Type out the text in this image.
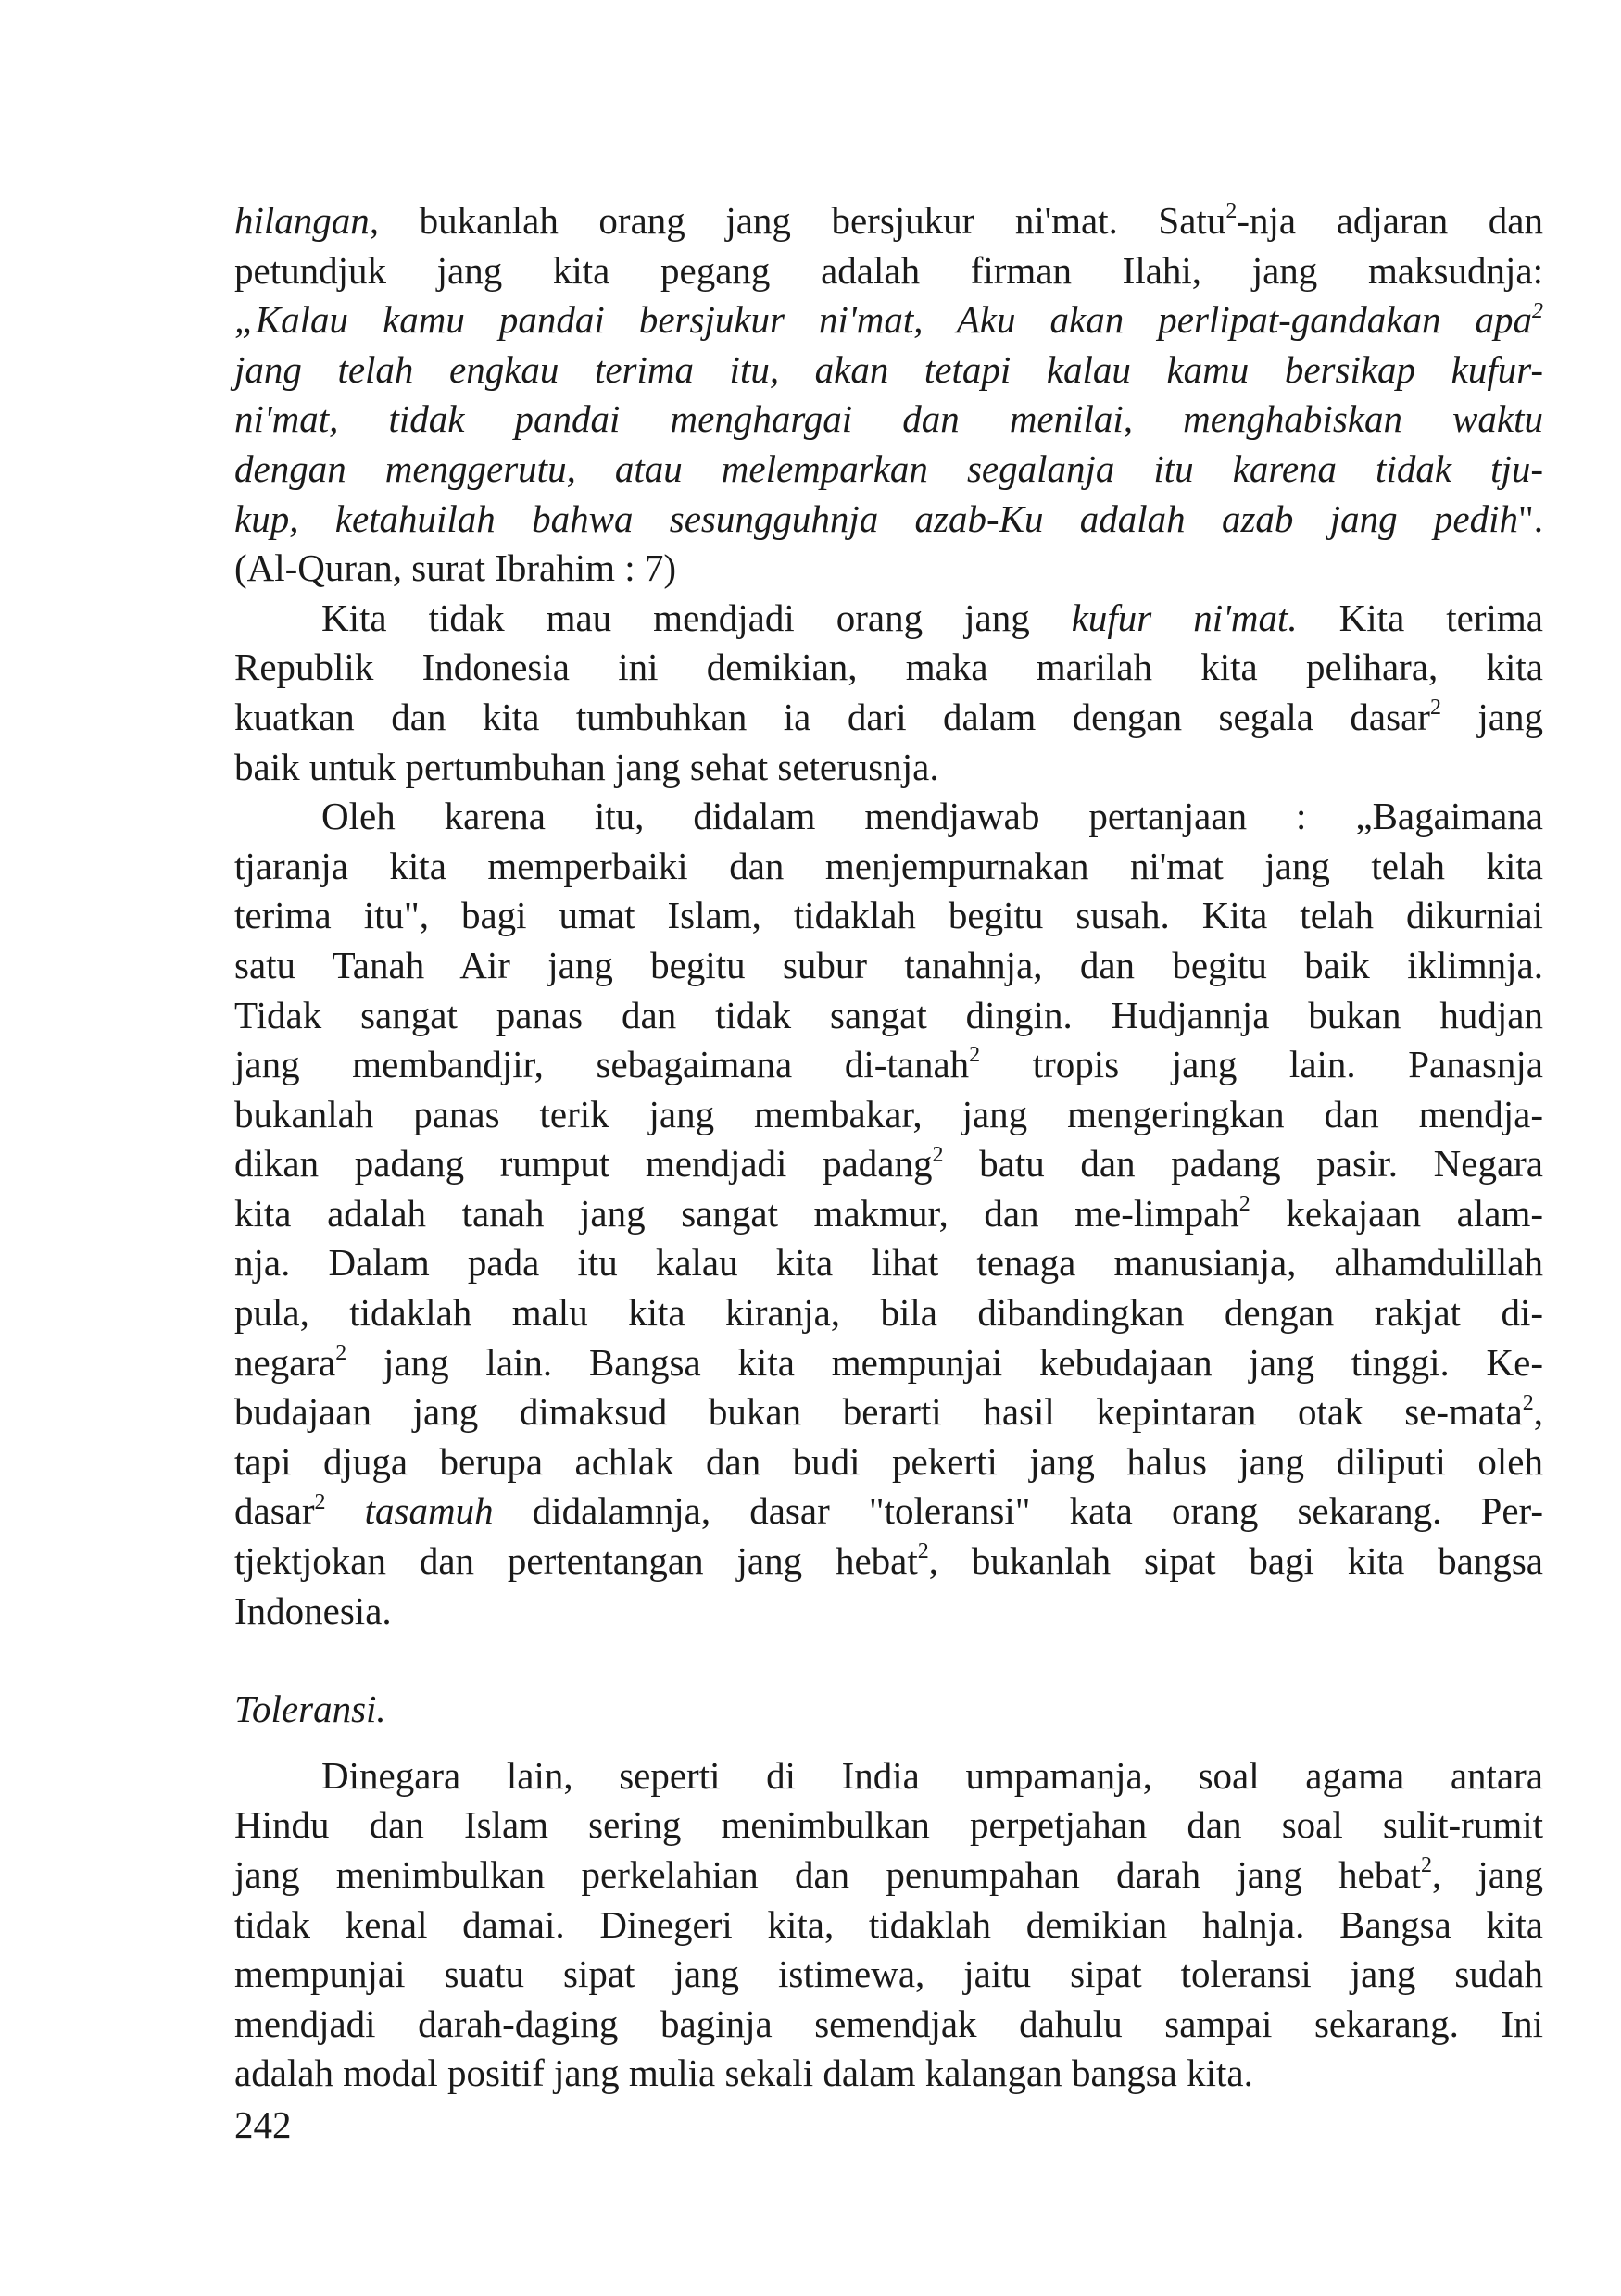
hilangan, bukanlah orang jang bersjukur ni'mat. Satu$^2$-nja adjaran dan
petundjuk jang kita pegang adalah firman Ilahi, jang maksudnja:
„Kalau kamu pandai bersjukur ni'mat, Aku akan perlipat-gandakan apa$^2$
jang telah engkau terima itu, akan tetapi kalau kamu bersikap kufur-
ni'mat, tidak pandai menghargai dan menilai, menghabiskan waktu
dengan menggerutu, atau melemparkan segalanja itu karena tidak tju-
kup, ketahuilah bahwa sesungguhnja azab-Ku adalah azab jang pedih".
(Al-Quran, surat Ibrahim : 7)
Kita tidak mau mendjadi orang jang kufur ni'mat. Kita terima
Republik Indonesia ini demikian, maka marilah kita pelihara, kita
kuatkan dan kita tumbuhkan ia dari dalam dengan segala dasar$^2$ jang
baik untuk pertumbuhan jang sehat seterusnja.
Oleh karena itu, didalam mendjawab pertanjaan : „Bagaimana
tjaranja kita memperbaiki dan menjempurnakan ni'mat jang telah kita
terima itu", bagi umat Islam, tidaklah begitu susah. Kita telah dikurniai
satu Tanah Air jang begitu subur tanahnja, dan begitu baik iklimnja.
Tidak sangat panas dan tidak sangat dingin. Hudjannja bukan hudjan
jang membandjir, sebagaimana di-tanah$^2$ tropis jang lain. Panasnja
bukanlah panas terik jang membakar, jang mengeringkan dan mendja-
dikan padang rumput mendjadi padang$^2$ batu dan padang pasir. Negara
kita adalah tanah jang sangat makmur, dan me-limpah$^2$ kekajaan alam-
nja. Dalam pada itu kalau kita lihat tenaga manusianja, alhamdulillah
pula, tidaklah malu kita kiranja, bila dibandingkan dengan rakjat di-
negara$^2$ jang lain. Bangsa kita mempunjai kebudajaan jang tinggi. Ke-
budajaan jang dimaksud bukan berarti hasil kepintaran otak se-mata$^2$,
tapi djuga berupa achlak dan budi pekerti jang halus jang diliputi oleh
dasar$^2$ tasamuh didalamnja, dasar "toleransi" kata orang sekarang. Per-
tjektjokan dan pertentangan jang hebat$^2$, bukanlah sipat bagi kita bangsa
Indonesia.
Toleransi.
Dinegara lain, seperti di India umpamanja, soal agama antara
Hindu dan Islam sering menimbulkan perpetjahan dan soal sulit-rumit
jang menimbulkan perkelahian dan penumpahan darah jang hebat$^2$, jang
tidak kenal damai. Dinegeri kita, tidaklah demikian halnja. Bangsa kita
mempunjai suatu sipat jang istimewa, jaitu sipat toleransi jang sudah
mendjadi darah-daging baginja semendjak dahulu sampai sekarang. Ini
adalah modal positif jang mulia sekali dalam kalangan bangsa kita.
242
